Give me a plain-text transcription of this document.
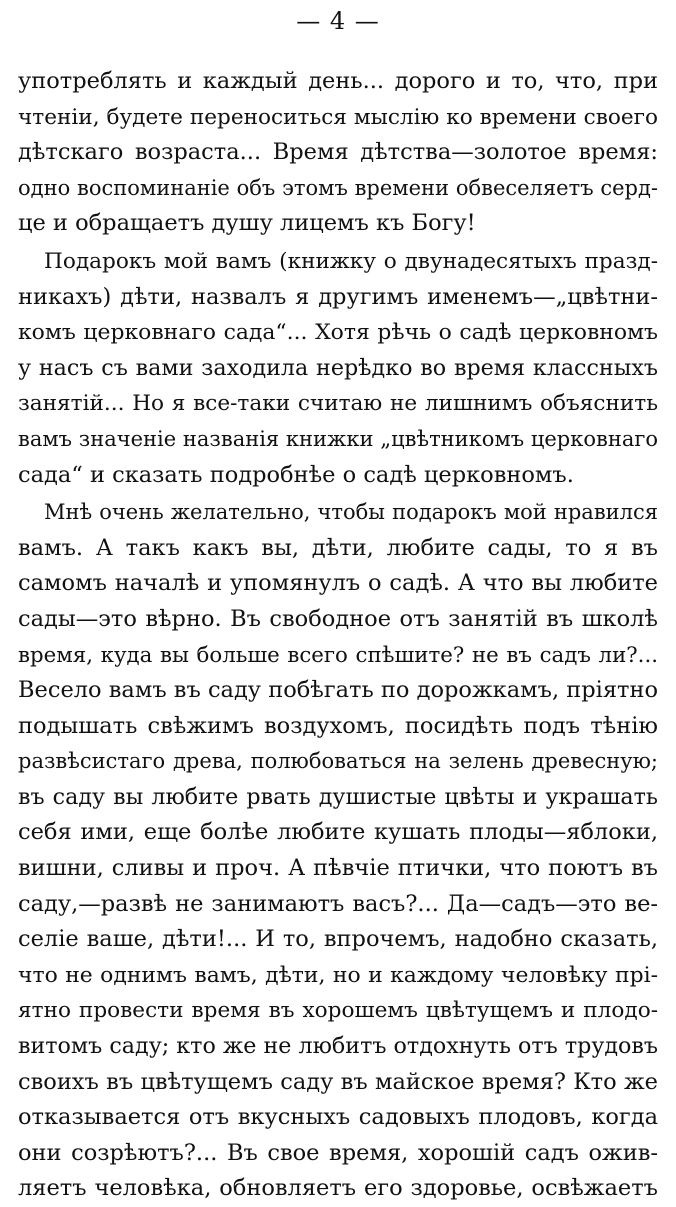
— 4 —
употреблять и каждый день... дорого и то, что, при
чтеніи, будете переноситься мыслію ко времени своего
дѣтскаго возраста... Время дѣтства—золотое время:
одно воспоминаніе объ этомъ времени обвеселяетъ серд-
це и обращаетъ душу лицемъ къ Богу!
Подарокъ мой вамъ (книжку о двунадесятыхъ празд-
никахъ) дѣти, назвалъ я другимъ именемъ—„цвѣтни-
комъ церковнаго сада“... Хотя рѣчь о садѣ церковномъ
у насъ съ вами заходила нерѣдко во время классныхъ
занятій... Но я все-таки считаю не лишнимъ объяснить
вамъ значеніе названія книжки „цвѣтникомъ церковнаго
сада“ и сказать подробнѣе о садѣ церковномъ.
Мнѣ очень желательно, чтобы подарокъ мой нравился
вамъ. А такъ какъ вы, дѣти, любите сады, то я въ
самомъ началѣ и упомянулъ о садѣ. А что вы любите
сады—это вѣрно. Въ свободное отъ занятій въ школѣ
время, куда вы больше всего спѣшите? не въ садъ ли?...
Весело вамъ въ саду побѣгать по дорожкамъ, пріятно
подышать свѣжимъ воздухомъ, посидѣть подъ тѣнію
развѣсистаго древа, полюбоваться на зелень древесную;
въ саду вы любите рвать душистые цвѣты и украшать
себя ими, еще болѣе любите кушать плоды—яблоки,
вишни, сливы и проч. А пѣвчіе птички, что поютъ въ
саду,—развѣ не занимаютъ васъ?... Да—садъ—это ве-
селіе ваше, дѣти!... И то, впрочемъ, надобно сказать,
что не однимъ вамъ, дѣти, но и каждому человѣку прі-
ятно провести время въ хорошемъ цвѣтущемъ и плодо-
витомъ саду; кто же не любитъ отдохнуть отъ трудовъ
своихъ въ цвѣтущемъ саду въ майское время? Кто же
отказывается отъ вкусныхъ садовыхъ плодовъ, когда
они созрѣютъ?... Въ свое время, хорошій садъ ожив-
ляетъ человѣка, обновляетъ его здоровье, освѣжаетъ
